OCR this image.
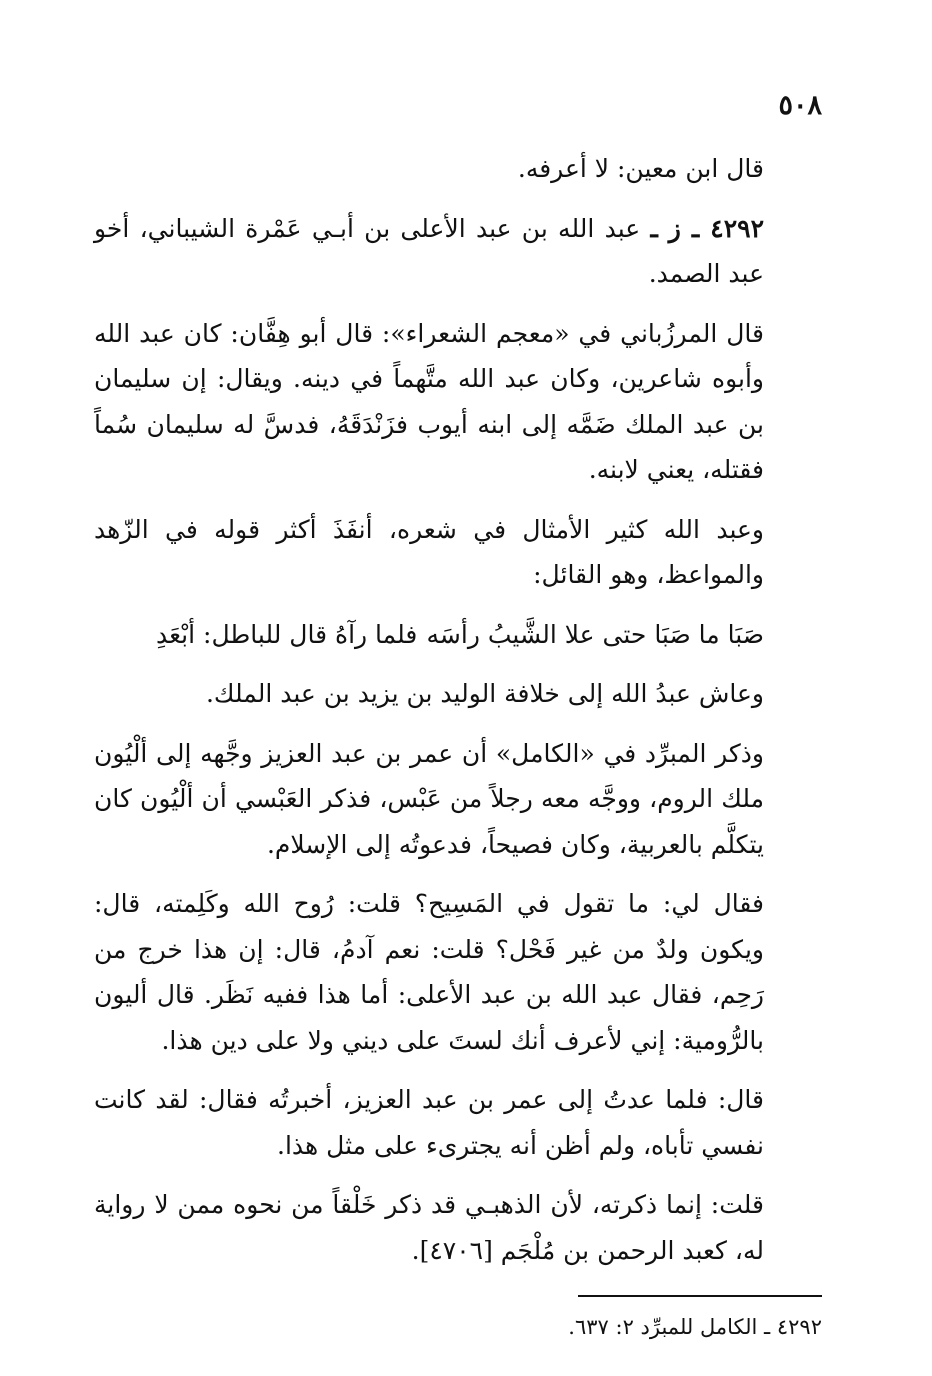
٥٠٨

قال ابن معين: لا أعرفه.

٤٢٩٢ ـ ز ـ عبد الله بن عبد الأعلى بن أبـي عَمْرة الشيباني، أخو عبد الصمد.

قال المرزُباني في «معجم الشعراء»: قال أبو هِفَّان: كان عبد الله وأبوه شاعرين، وكان عبد الله متَّهماً في دينه. ويقال: إن سليمان بن عبد الملك ضَمَّه إلى ابنه أيوب فزَنْدَقَهُ، فدسَّ له سليمان سُماً فقتله، يعني لابنه.

وعبد الله كثير الأمثال في شعره، أنفَذَ أكثر قوله في الزّهد والمواعظ، وهو القائل:

صَبَا ما صَبَا حتى علا الشَّيبُ رأسَه
فلما رآهُ قال للباطل: أبْعَدِ

وعاش عبدُ الله إلى خلافة الوليد بن يزيد بن عبد الملك.

وذكر المبرِّد في «الكامل» أن عمر بن عبد العزيز وجَّهه إلى ألْيُون ملك الروم، ووجَّه معه رجلاً من عَبْس، فذكر العَبْسي أن ألْيُون كان يتكلَّم بالعربية، وكان فصيحاً، فدعوتُه إلى الإسلام.

فقال لي: ما تقول في المَسِيح؟ قلت: رُوح الله وكَلِمته، قال: ويكون ولدٌ من غير فَحْل؟ قلت: نعم آدمُ، قال: إن هذا خرج من رَحِم، فقال عبد الله بن عبد الأعلى: أما هذا ففيه نَظَر. قال أليون بالرُّومية: إني لأعرف أنك لستَ على ديني ولا على دين هذا.

قال: فلما عدتُ إلى عمر بن عبد العزيز، أخبرتُه فقال: لقد كانت نفسي تأباه، ولم أظن أنه يجترىء على مثل هذا.

قلت: إنما ذكرته، لأن الذهبـي قد ذكر خَلْقاً من نحوه ممن لا رواية له، كعبد الرحمن بن مُلْجَم [٤٧٠٦].

٤٢٩٢ ـ الكامل للمبرِّد ٢: ٦٣٧.
